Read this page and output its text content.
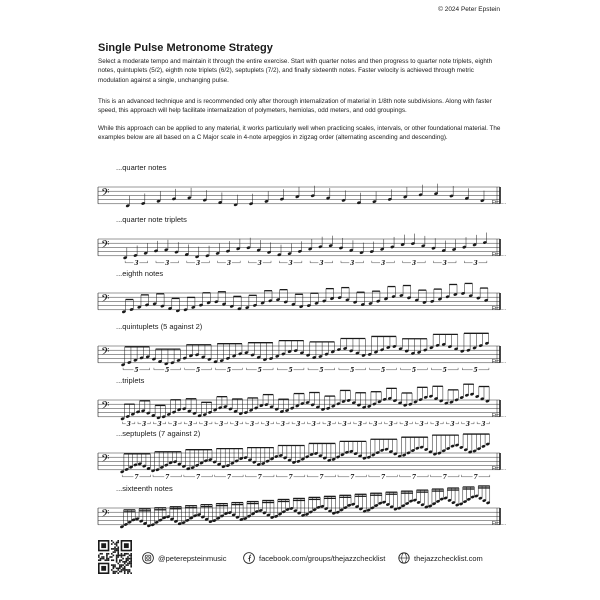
© 2024 Peter Epstein
Single Pulse Metronome Strategy

Select a moderate tempo and maintain it through the entire exercise. Start with quarter notes and then progress to quarter note triplets, eighth notes, quintuplets (5/2), eighth note triplets (6/2), septuplets (7/2), and finally sixteenth notes. Faster velocity is achieved through metric modulation against a single, unchanging pulse.

This is an advanced technique and is recommended only after thorough internalization of material in 1/8th note subdivisions. Along with faster speed, this approach will help facilitate internalization of polymeters, hemiolas, odd meters, and odd groupings.

While this approach can be applied to any material, it works particularly well when practicing scales, intervals, or other foundational material. The examples below are all based on a C Major scale in 4-note arpeggios in zigzag order (alternating ascending and descending).

...quarter notes
𝄢
Etc.....
...quarter note triplets
𝄢
3	3	3	3	3	3	3	3	3	3	3	3
Etc.....
...eighth notes
𝄢
Etc.....
...quintuplets (5 against 2)
𝄢
5	5	5	5	5	5	5	5	5	5	5	5
Etc.....
...triplets
𝄢
3 3 3 3 3 3 3 3 3 3 3 3 3 3 3 3 3 3 3 3 3 3 3 3
Etc.....
...septuplets (7 against 2)
𝄢
7	7	7	7	7	7	7	7	7	7	7	7
Etc.....
...sixteenth notes
𝄢
Etc.....
@peterepsteinmusic	facebook.com/groups/thejazzchecklist	thejazzchecklist.com
